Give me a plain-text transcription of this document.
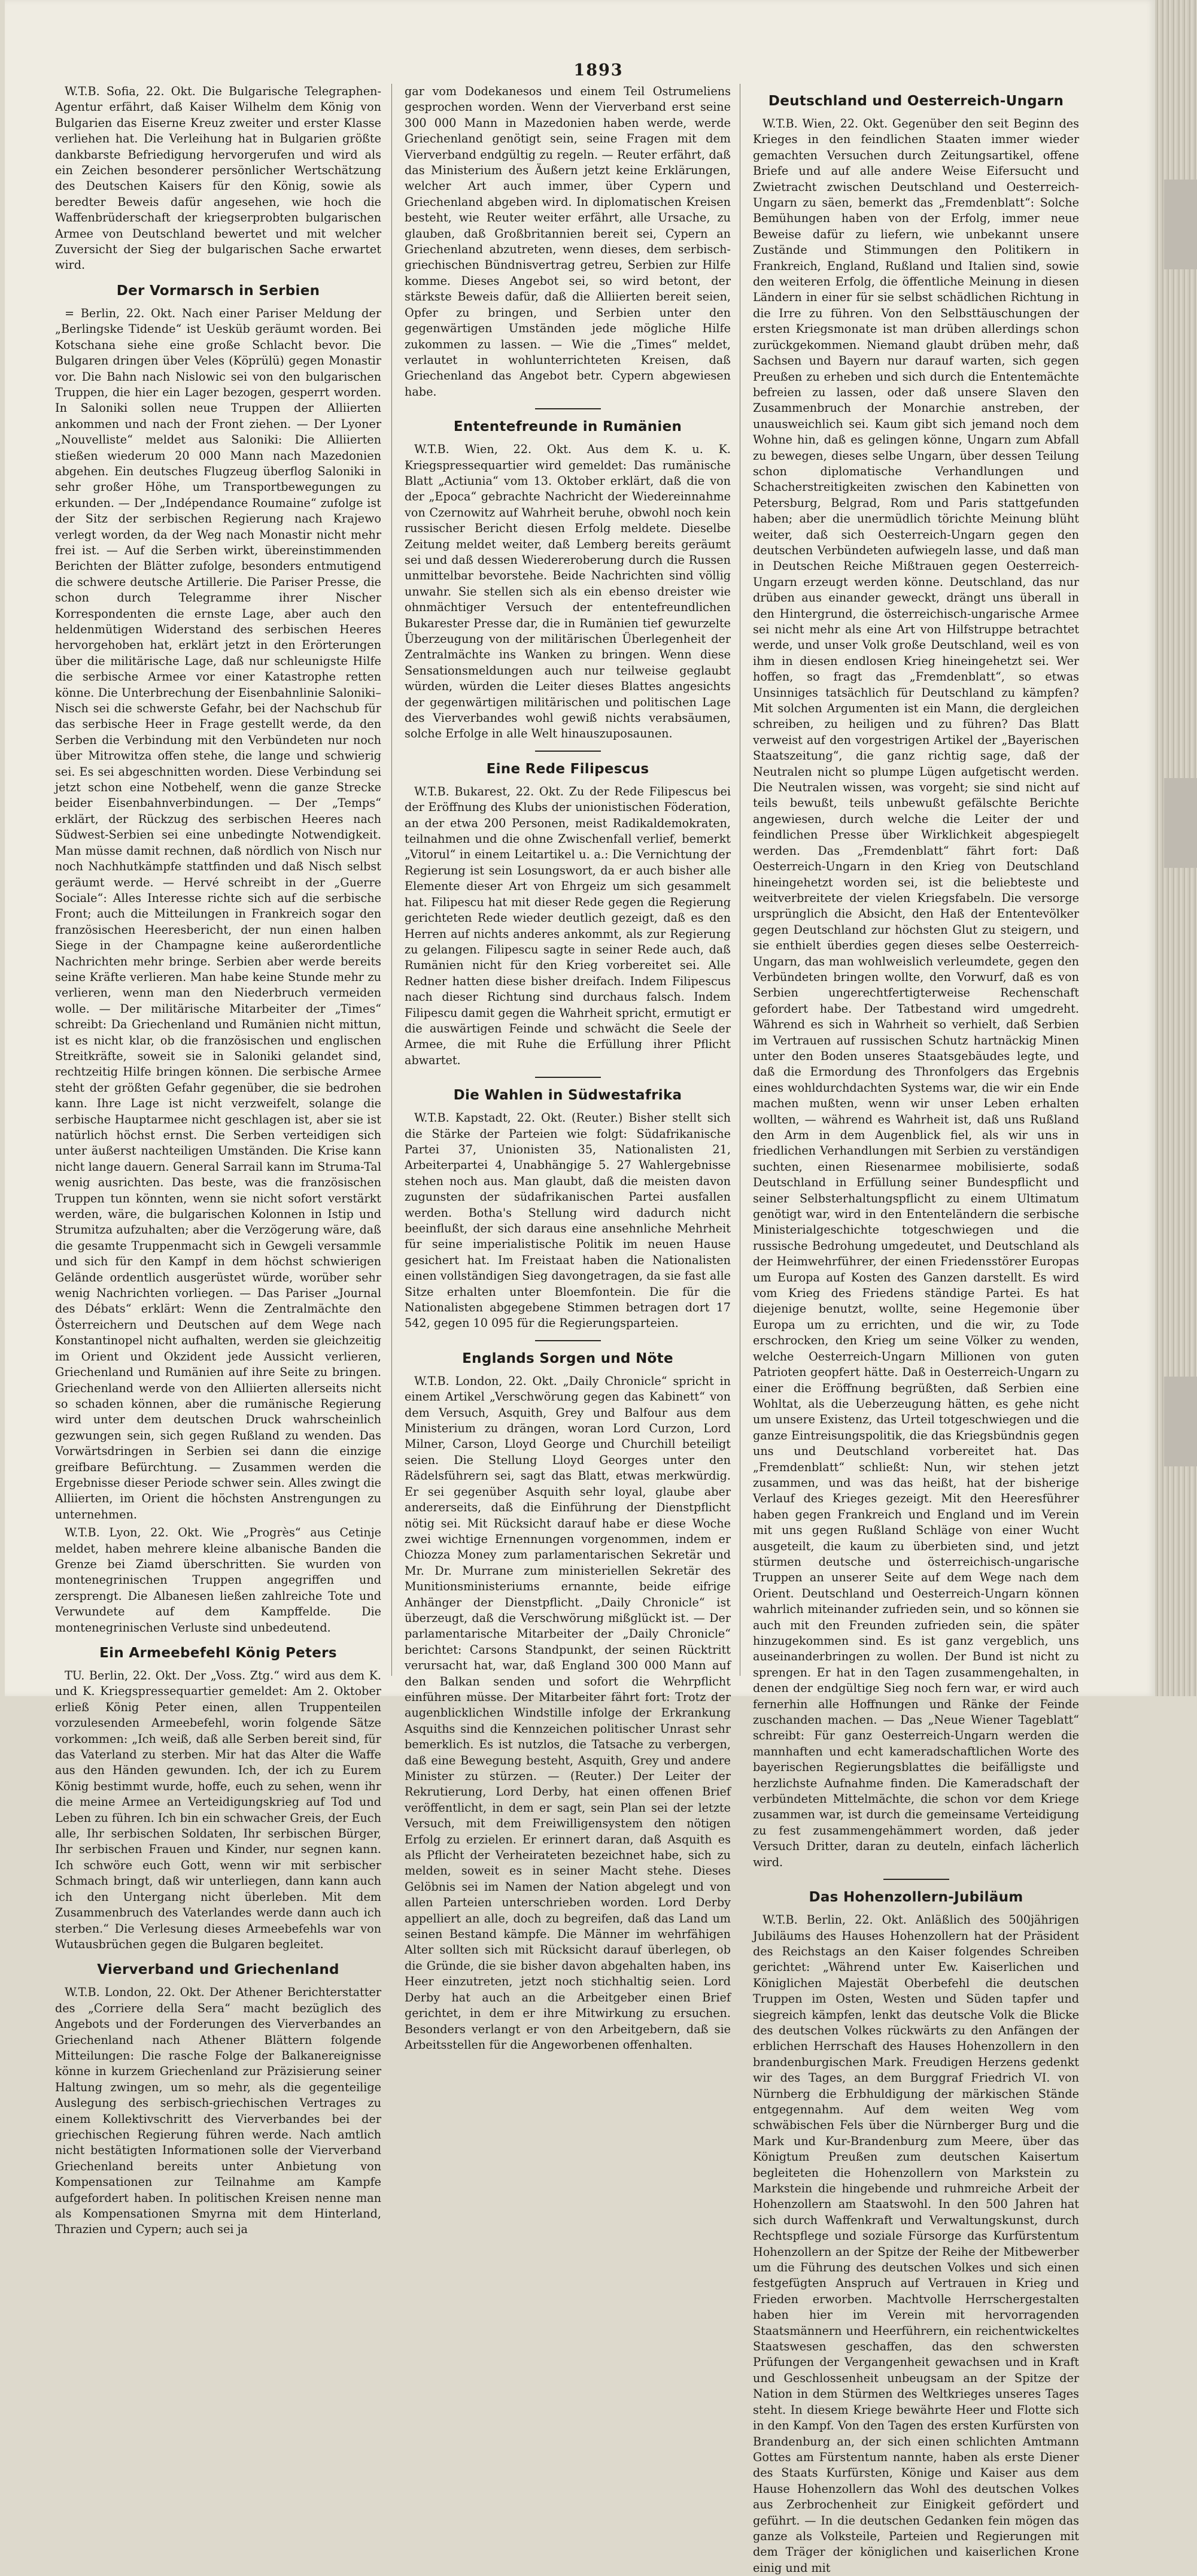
1893

W.T.B. Sofia, 22. Okt. Die Bulgarische Telegraphen-Agentur erfährt, daß Kaiser Wilhelm dem König von Bulgarien das Eiserne Kreuz zweiter und erster Klasse verliehen hat. Die Verleihung hat in Bulgarien größte dankbarste Befriedigung hervorgerufen und wird als ein Zeichen besonderer persönlicher Wertschätzung des Deutschen Kaisers für den König, sowie als beredter Beweis dafür angesehen, wie hoch die Waffenbrüderschaft der kriegserprobten bulgarischen Armee von Deutschland bewertet und mit welcher Zuversicht der Sieg der bulgarischen Sache erwartet wird.

Der Vormarsch in Serbien

= Berlin, 22. Okt. Nach einer Pariser Meldung der „Berlingske Tidende“ ist Uesküb geräumt worden. Bei Kotschana siehe eine große Schlacht bevor. Die Bulgaren dringen über Veles (Köprülü) gegen Monastir vor. Die Bahn nach Nislowic sei von den bulgarischen Truppen, die hier ein Lager bezogen, gesperrt worden. In Saloniki sollen neue Truppen der Alliierten ankommen und nach der Front ziehen. — Der Lyoner „Nouvelliste“ meldet aus Saloniki: Die Alliierten stießen wiederum 20 000 Mann nach Mazedonien abgehen. Ein deutsches Flugzeug überflog Saloniki in sehr großer Höhe, um Transportbewegungen zu erkunden. — Der „Indépendance Roumaine“ zufolge ist der Sitz der serbischen Regierung nach Krajewo verlegt worden, da der Weg nach Monastir nicht mehr frei ist. — Auf die Serben wirkt, übereinstimmenden Berichten der Blätter zufolge, besonders entmutigend die schwere deutsche Artillerie. Die Pariser Presse, die schon durch Telegramme ihrer Nischer Korrespondenten die ernste Lage, aber auch den heldenmütigen Widerstand des serbischen Heeres hervorgehoben hat, erklärt jetzt in den Erörterungen über die militärische Lage, daß nur schleunigste Hilfe die serbische Armee vor einer Katastrophe retten könne. Die Unterbrechung der Eisenbahnlinie Saloniki–Nisch sei die schwerste Gefahr, bei der Nachschub für das serbische Heer in Frage gestellt werde, da den Serben die Verbindung mit den Verbündeten nur noch über Mitrowitza offen stehe, die lange und schwierig sei. Es sei abgeschnitten worden. Diese Verbindung sei jetzt schon eine Notbehelf, wenn die ganze Strecke beider Eisenbahnverbindungen. — Der „Temps“ erklärt, der Rückzug des serbischen Heeres nach Südwest-Serbien sei eine unbedingte Notwendigkeit. Man müsse damit rechnen, daß nördlich von Nisch nur noch Nachhutkämpfe stattfinden und daß Nisch selbst geräumt werde. — Hervé schreibt in der „Guerre Sociale“: Alles Interesse richte sich auf die serbische Front; auch die Mitteilungen in Frankreich sogar den französischen Heeresbericht, der nun einen halben Siege in der Champagne keine außerordentliche Nachrichten mehr bringe. Serbien aber werde bereits seine Kräfte verlieren. Man habe keine Stunde mehr zu verlieren, wenn man den Niederbruch vermeiden wolle. — Der militärische Mitarbeiter der „Times“ schreibt: Da Griechenland und Rumänien nicht mittun, ist es nicht klar, ob die französischen und englischen Streitkräfte, soweit sie in Saloniki gelandet sind, rechtzeitig Hilfe bringen können. Die serbische Armee steht der größten Gefahr gegenüber, die sie bedrohen kann. Ihre Lage ist nicht verzweifelt, solange die serbische Hauptarmee nicht geschlagen ist, aber sie ist natürlich höchst ernst. Die Serben verteidigen sich unter äußerst nachteiligen Umständen. Die Krise kann nicht lange dauern. General Sarrail kann im Struma-Tal wenig ausrichten. Das beste, was die französischen Truppen tun könnten, wenn sie nicht sofort verstärkt werden, wäre, die bulgarischen Kolonnen in Istip und Strumitza aufzuhalten; aber die Verzögerung wäre, daß die gesamte Truppenmacht sich in Gewgeli versammle und sich für den Kampf in dem höchst schwierigen Gelände ordentlich ausgerüstet würde, worüber sehr wenig Nachrichten vorliegen. — Das Pariser „Journal des Débats“ erklärt: Wenn die Zentralmächte den Österreichern und Deutschen auf dem Wege nach Konstantinopel nicht aufhalten, werden sie gleichzeitig im Orient und Okzident jede Aussicht verlieren, Griechenland und Rumänien auf ihre Seite zu bringen. Griechenland werde von den Alliierten allerseits nicht so schaden können, aber die rumänische Regierung wird unter dem deutschen Druck wahrscheinlich gezwungen sein, sich gegen Rußland zu wenden. Das Vorwärtsdringen in Serbien sei dann die einzige greifbare Befürchtung. — Zusammen werden die Ergebnisse dieser Periode schwer sein. Alles zwingt die Alliierten, im Orient die höchsten Anstrengungen zu unternehmen.

W.T.B. Lyon, 22. Okt. Wie „Progrès“ aus Cetinje meldet, haben mehrere kleine albanische Banden die Grenze bei Ziamd überschritten. Sie wurden von montenegrinischen Truppen angegriffen und zersprengt. Die Albanesen ließen zahlreiche Tote und Verwundete auf dem Kampffelde. Die montenegrinischen Verluste sind unbedeutend.

Ein Armeebefehl König Peters

TU. Berlin, 22. Okt. Der „Voss. Ztg.“ wird aus dem K. und K. Kriegspressequartier gemeldet: Am 2. Oktober erließ König Peter einen, allen Truppenteilen vorzulesenden Armeebefehl, worin folgende Sätze vorkommen: „Ich weiß, daß alle Serben bereit sind, für das Vaterland zu sterben. Mir hat das Alter die Waffe aus den Händen gewunden. Ich, der ich zu Eurem König bestimmt wurde, hoffe, euch zu sehen, wenn ihr die meine Armee an Verteidigungskrieg auf Tod und Leben zu führen. Ich bin ein schwacher Greis, der Euch alle, Ihr serbischen Soldaten, Ihr serbischen Bürger, Ihr serbischen Frauen und Kinder, nur segnen kann. Ich schwöre euch Gott, wenn wir mit serbischer Schmach bringt, daß wir unterliegen, dann kann auch ich den Untergang nicht überleben. Mit dem Zusammenbruch des Vaterlandes werde dann auch ich sterben.“ Die Verlesung dieses Armeebefehls war von Wutausbrüchen gegen die Bulgaren begleitet.

Vierverband und Griechenland

W.T.B. London, 22. Okt. Der Athener Berichterstatter des „Corriere della Sera“ macht bezüglich des Angebots und der Forderungen des Vierverbandes an Griechenland nach Athener Blättern folgende Mitteilungen: Die rasche Folge der Balkanereignisse könne in kurzem Griechenland zur Präzisierung seiner Haltung zwingen, um so mehr, als die gegenteilige Auslegung des serbisch-griechischen Vertrages zu einem Kollektivschritt des Vierverbandes bei der griechischen Regierung führen werde. Nach amtlich nicht bestätigten Informationen solle der Vierverband Griechenland bereits unter Anbietung von Kompensationen zur Teilnahme am Kampfe aufgefordert haben. In politischen Kreisen nenne man als Kompensationen Smyrna mit dem Hinterland, Thrazien und Cypern; auch sei ja

gar vom Dodekanesos und einem Teil Ostrumeliens gesprochen worden. Wenn der Vierverband erst seine 300 000 Mann in Mazedonien haben werde, werde Griechenland genötigt sein, seine Fragen mit dem Vierverband endgültig zu regeln. — Reuter erfährt, daß das Ministerium des Äußern jetzt keine Erklärungen, welcher Art auch immer, über Cypern und Griechenland abgeben wird. In diplomatischen Kreisen besteht, wie Reuter weiter erfährt, alle Ursache, zu glauben, daß Großbritannien bereit sei, Cypern an Griechenland abzutreten, wenn dieses, dem serbisch-griechischen Bündnisvertrag getreu, Serbien zur Hilfe komme. Dieses Angebot sei, so wird betont, der stärkste Beweis dafür, daß die Alliierten bereit seien, Opfer zu bringen, und Serbien unter den gegenwärtigen Umständen jede mögliche Hilfe zukommen zu lassen. — Wie die „Times“ meldet, verlautet in wohlunterrichteten Kreisen, daß Griechenland das Angebot betr. Cypern abgewiesen habe.

Ententefreunde in Rumänien

W.T.B. Wien, 22. Okt. Aus dem K. u. K. Kriegspressequartier wird gemeldet: Das rumänische Blatt „Actiunia“ vom 13. Oktober erklärt, daß die von der „Epoca“ gebrachte Nachricht der Wiedereinnahme von Czernowitz auf Wahrheit beruhe, obwohl noch kein russischer Bericht diesen Erfolg meldete. Dieselbe Zeitung meldet weiter, daß Lemberg bereits geräumt sei und daß dessen Wiedereroberung durch die Russen unmittelbar bevorstehe. Beide Nachrichten sind völlig unwahr. Sie stellen sich als ein ebenso dreister wie ohnmächtiger Versuch der ententefreundlichen Bukarester Presse dar, die in Rumänien tief gewurzelte Überzeugung von der militärischen Überlegenheit der Zentralmächte ins Wanken zu bringen. Wenn diese Sensationsmeldungen auch nur teilweise geglaubt würden, würden die Leiter dieses Blattes angesichts der gegenwärtigen militärischen und politischen Lage des Vierverbandes wohl gewiß nichts verabsäumen, solche Erfolge in alle Welt hinauszuposaunen.

Eine Rede Filipescus

W.T.B. Bukarest, 22. Okt. Zu der Rede Filipescus bei der Eröffnung des Klubs der unionistischen Föderation, an der etwa 200 Personen, meist Radikaldemokraten, teilnahmen und die ohne Zwischenfall verlief, bemerkt „Vitorul“ in einem Leitartikel u. a.: Die Vernichtung der Regierung ist sein Losungswort, da er auch bisher alle Elemente dieser Art von Ehrgeiz um sich gesammelt hat. Filipescu hat mit dieser Rede gegen die Regierung gerichteten Rede wieder deutlich gezeigt, daß es den Herren auf nichts anderes ankommt, als zur Regierung zu gelangen. Filipescu sagte in seiner Rede auch, daß Rumänien nicht für den Krieg vorbereitet sei. Alle Redner hatten diese bisher dreifach. Indem Filipescus nach dieser Richtung sind durchaus falsch. Indem Filipescu damit gegen die Wahrheit spricht, ermutigt er die auswärtigen Feinde und schwächt die Seele der Armee, die mit Ruhe die Erfüllung ihrer Pflicht abwartet.

Die Wahlen in Südwestafrika

W.T.B. Kapstadt, 22. Okt. (Reuter.) Bisher stellt sich die Stärke der Parteien wie folgt: Südafrikanische Partei 37, Unionisten 35, Nationalisten 21, Arbeiterpartei 4, Unabhängige 5. 27 Wahlergebnisse stehen noch aus. Man glaubt, daß die meisten davon zugunsten der südafrikanischen Partei ausfallen werden. Botha's Stellung wird dadurch nicht beeinflußt, der sich daraus eine ansehnliche Mehrheit für seine imperialistische Politik im neuen Hause gesichert hat. Im Freistaat haben die Nationalisten einen vollständigen Sieg davongetragen, da sie fast alle Sitze erhalten unter Bloemfontein. Die für die Nationalisten abgegebene Stimmen betragen dort 17 542, gegen 10 095 für die Regierungsparteien.

Englands Sorgen und Nöte

W.T.B. London, 22. Okt. „Daily Chronicle“ spricht in einem Artikel „Verschwörung gegen das Kabinett“ von dem Versuch, Asquith, Grey und Balfour aus dem Ministerium zu drängen, woran Lord Curzon, Lord Milner, Carson, Lloyd George und Churchill beteiligt seien. Die Stellung Lloyd Georges unter den Rädelsführern sei, sagt das Blatt, etwas merkwürdig. Er sei gegenüber Asquith sehr loyal, glaube aber andererseits, daß die Einführung der Dienstpflicht nötig sei. Mit Rücksicht darauf habe er diese Woche zwei wichtige Ernennungen vorgenommen, indem er Chiozza Money zum parlamentarischen Sekretär und Mr. Dr. Murrane zum ministeriellen Sekretär des Munitionsministeriums ernannte, beide eifrige Anhänger der Dienstpflicht. „Daily Chronicle“ ist überzeugt, daß die Verschwörung mißglückt ist. — Der parlamentarische Mitarbeiter der „Daily Chronicle“ berichtet: Carsons Standpunkt, der seinen Rücktritt verursacht hat, war, daß England 300 000 Mann auf den Balkan senden und sofort die Wehrpflicht einführen müsse. Der Mitarbeiter fährt fort: Trotz der augenblicklichen Windstille infolge der Erkrankung Asquiths sind die Kennzeichen politischer Unrast sehr bemerklich. Es ist nutzlos, die Tatsache zu verbergen, daß eine Bewegung besteht, Asquith, Grey und andere Minister zu stürzen. — (Reuter.) Der Leiter der Rekrutierung, Lord Derby, hat einen offenen Brief veröffentlicht, in dem er sagt, sein Plan sei der letzte Versuch, mit dem Freiwilligensystem den nötigen Erfolg zu erzielen. Er erinnert daran, daß Asquith es als Pflicht der Verheirateten bezeichnet habe, sich zu melden, soweit es in seiner Macht stehe. Dieses Gelöbnis sei im Namen der Nation abgelegt und von allen Parteien unterschrieben worden. Lord Derby appelliert an alle, doch zu begreifen, daß das Land um seinen Bestand kämpfe. Die Männer im wehrfähigen Alter sollten sich mit Rücksicht darauf überlegen, ob die Gründe, die sie bisher davon abgehalten haben, ins Heer einzutreten, jetzt noch stichhaltig seien. Lord Derby hat auch an die Arbeitgeber einen Brief gerichtet, in dem er ihre Mitwirkung zu ersuchen. Besonders verlangt er von den Arbeitgebern, daß sie Arbeitsstellen für die Angeworbenen offenhalten.

Deutschland und Oesterreich-Ungarn

W.T.B. Wien, 22. Okt. Gegenüber den seit Beginn des Krieges in den feindlichen Staaten immer wieder gemachten Versuchen durch Zeitungsartikel, offene Briefe und auf alle andere Weise Eifersucht und Zwietracht zwischen Deutschland und Oesterreich-Ungarn zu säen, bemerkt das „Fremdenblatt“: Solche Bemühungen haben von der Erfolg, immer neue Beweise dafür zu liefern, wie unbekannt unsere Zustände und Stimmungen den Politikern in Frankreich, England, Rußland und Italien sind, sowie den weiteren Erfolg, die öffentliche Meinung in diesen Ländern in einer für sie selbst schädlichen Richtung in die Irre zu führen. Von den Selbsttäuschungen der ersten Kriegsmonate ist man drüben allerdings schon zurückgekommen. Niemand glaubt drüben mehr, daß Sachsen und Bayern nur darauf warten, sich gegen Preußen zu erheben und sich durch die Ententemächte befreien zu lassen, oder daß unsere Slaven den Zusammenbruch der Monarchie anstreben, der unausweichlich sei. Kaum gibt sich jemand noch dem Wohne hin, daß es gelingen könne, Ungarn zum Abfall zu bewegen, dieses selbe Ungarn, über dessen Teilung schon diplomatische Verhandlungen und Schacherstreitigkeiten zwischen den Kabinetten von Petersburg, Belgrad, Rom und Paris stattgefunden haben; aber die unermüdlich törichte Meinung blüht weiter, daß sich Oesterreich-Ungarn gegen den deutschen Verbündeten aufwiegeln lasse, und daß man in Deutschen Reiche Mißtrauen gegen Oesterreich-Ungarn erzeugt werden könne. Deutschland, das nur drüben aus einander geweckt, drängt uns überall in den Hintergrund, die österreichisch-ungarische Armee sei nicht mehr als eine Art von Hilfstruppe betrachtet werde, und unser Volk große Deutschland, weil es von ihm in diesen endlosen Krieg hineingehetzt sei. Wer hoffen, so fragt das „Fremdenblatt“, so etwas Unsinniges tatsächlich für Deutschland zu kämpfen? Mit solchen Argumenten ist ein Mann, die dergleichen schreiben, zu heiligen und zu führen? Das Blatt verweist auf den vorgestrigen Artikel der „Bayerischen Staatszeitung“, die ganz richtig sage, daß der Neutralen nicht so plumpe Lügen aufgetischt werden. Die Neutralen wissen, was vorgeht; sie sind nicht auf teils bewußt, teils unbewußt gefälschte Berichte angewiesen, durch welche die Leiter der und feindlichen Presse über Wirklichkeit abgespiegelt werden. Das „Fremdenblatt“ fährt fort: Daß Oesterreich-Ungarn in den Krieg von Deutschland hineingehetzt worden sei, ist die beliebteste und weitverbreitete der vielen Kriegsfabeln. Die versorge ursprünglich die Absicht, den Haß der Ententevölker gegen Deutschland zur höchsten Glut zu steigern, und sie enthielt überdies gegen dieses selbe Oesterreich-Ungarn, das man wohlweislich verleumdete, gegen den Verbündeten bringen wollte, den Vorwurf, daß es von Serbien ungerechtfertigterweise Rechenschaft gefordert habe. Der Tatbestand wird umgedreht. Während es sich in Wahrheit so verhielt, daß Serbien im Vertrauen auf russischen Schutz hartnäckig Minen unter den Boden unseres Staatsgebäudes legte, und daß die Ermordung des Thronfolgers das Ergebnis eines wohldurchdachten Systems war, die wir ein Ende machen mußten, wenn wir unser Leben erhalten wollten, — während es Wahrheit ist, daß uns Rußland den Arm in dem Augenblick fiel, als wir uns in friedlichen Verhandlungen mit Serbien zu verständigen suchten, einen Riesenarmee mobilisierte, sodaß Deutschland in Erfüllung seiner Bundespflicht und seiner Selbsterhaltungspflicht zu einem Ultimatum genötigt war, wird in den Ententeländern die serbische Ministerialgeschichte totgeschwiegen und die russische Bedrohung umgedeutet, und Deutschland als der Heimwehrführer, der einen Friedensstörer Europas um Europa auf Kosten des Ganzen darstellt. Es wird vom Krieg des Friedens ständige Partei. Es hat diejenige benutzt, wollte, seine Hegemonie über Europa um zu errichten, und die wir, zu Tode erschrocken, den Krieg um seine Völker zu wenden, welche Oesterreich-Ungarn Millionen von guten Patrioten geopfert hätte. Daß in Oesterreich-Ungarn zu einer die Eröffnung begrüßten, daß Serbien eine Wohltat, als die Ueberzeugung hätten, es gehe nicht um unsere Existenz, das Urteil totgeschwiegen und die ganze Eintreisungspolitik, die das Kriegsbündnis gegen uns und Deutschland vorbereitet hat. Das „Fremdenblatt“ schließt: Nun, wir stehen jetzt zusammen, und was das heißt, hat der bisherige Verlauf des Krieges gezeigt. Mit den Heeresführer haben gegen Frankreich und England und im Verein mit uns gegen Rußland Schläge von einer Wucht ausgeteilt, die kaum zu überbieten sind, und jetzt stürmen deutsche und österreichisch-ungarische Truppen an unserer Seite auf dem Wege nach dem Orient. Deutschland und Oesterreich-Ungarn können wahrlich miteinander zufrieden sein, und so können sie auch mit den Freunden zufrieden sein, die später hinzugekommen sind. Es ist ganz vergeblich, uns auseinanderbringen zu wollen. Der Bund ist nicht zu sprengen. Er hat in den Tagen zusammengehalten, in denen der endgültige Sieg noch fern war, er wird auch fernerhin alle Hoffnungen und Ränke der Feinde zuschanden machen. — Das „Neue Wiener Tageblatt“ schreibt: Für ganz Oesterreich-Ungarn werden die mannhaften und echt kameradschaftlichen Worte des bayerischen Regierungsblattes die beifälligste und herzlichste Aufnahme finden. Die Kameradschaft der verbündeten Mittelmächte, die schon vor dem Kriege zusammen war, ist durch die gemeinsame Verteidigung zu fest zusammengehämmert worden, daß jeder Versuch Dritter, daran zu deuteln, einfach lächerlich wird.

Das Hohenzollern-Jubiläum

W.T.B. Berlin, 22. Okt. Anläßlich des 500jährigen Jubiläums des Hauses Hohenzollern hat der Präsident des Reichstags an den Kaiser folgendes Schreiben gerichtet: „Während unter Ew. Kaiserlichen und Königlichen Majestät Oberbefehl die deutschen Truppen im Osten, Westen und Süden tapfer und siegreich kämpfen, lenkt das deutsche Volk die Blicke des deutschen Volkes rückwärts zu den Anfängen der erblichen Herrschaft des Hauses Hohenzollern in den brandenburgischen Mark. Freudigen Herzens gedenkt wir des Tages, an dem Burggraf Friedrich VI. von Nürnberg die Erbhuldigung der märkischen Stände entgegennahm. Auf dem weiten Weg vom schwäbischen Fels über die Nürnberger Burg und die Mark und Kur-Brandenburg zum Meere, über das Königtum Preußen zum deutschen Kaisertum begleiteten die Hohenzollern von Markstein zu Markstein die hingebende und ruhmreiche Arbeit der Hohenzollern am Staatswohl. In den 500 Jahren hat sich durch Waffenkraft und Verwaltungskunst, durch Rechtspflege und soziale Fürsorge das Kurfürstentum Hohenzollern an der Spitze der Reihe der Mitbewerber um die Führung des deutschen Volkes und sich einen festgefügten Anspruch auf Vertrauen in Krieg und Frieden erworben. Machtvolle Herrschergestalten haben hier im Verein mit hervorragenden Staatsmännern und Heerführern, ein reichentwickeltes Staatswesen geschaffen, das den schwersten Prüfungen der Vergangenheit gewachsen und in Kraft und Geschlossenheit unbeugsam an der Spitze der Nation in dem Stürmen des Weltkrieges unseres Tages steht. In diesem Kriege bewährte Heer und Flotte sich in den Kampf. Von den Tagen des ersten Kurfürsten von Brandenburg an, der sich einen schlichten Amtmann Gottes am Fürstentum nannte, haben als erste Diener des Staats Kurfürsten, Könige und Kaiser aus dem Hause Hohenzollern das Wohl des deutschen Volkes aus Zerbrochenheit zur Einigkeit gefördert und geführt. — In die deutschen Gedanken fein mögen das ganze als Volksteile, Parteien und Regierungen mit dem Träger der königlichen und kaiserlichen Krone einig und mit
